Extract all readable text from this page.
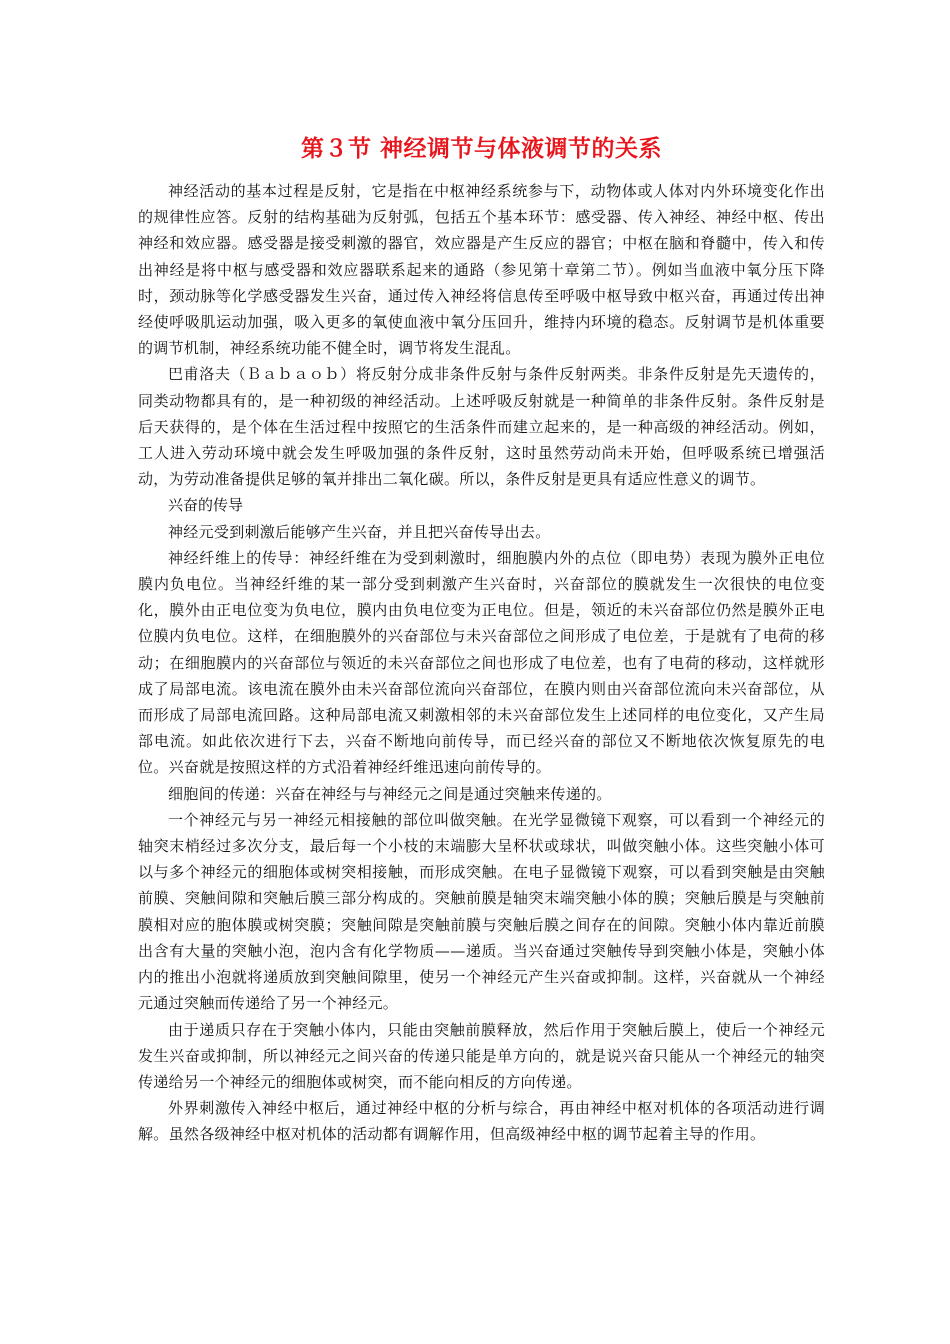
第３节 神经调节与体液调节的关系

神经活动的基本过程是反射，它是指在中枢神经系统参与下，动物体或人体对内外环境变化作出的规律性应答。反射的结构基础为反射弧，包括五个基本环节：感受器、传入神经、神经中枢、传出神经和效应器。感受器是接受刺激的器官，效应器是产生反应的器官；中枢在脑和脊髓中，传入和传出神经是将中枢与感受器和效应器联系起来的通路（参见第十章第二节）。例如当血液中氧分压下降时，颈动脉等化学感受器发生兴奋，通过传入神经将信息传至呼吸中枢导致中枢兴奋，再通过传出神经使呼吸肌运动加强，吸入更多的氧使血液中氧分压回升，维持内环境的稳态。反射调节是机体重要的调节机制，神经系统功能不健全时，调节将发生混乱。

巴甫洛夫（Ｂａｂａｏｂ）将反射分成非条件反射与条件反射两类。非条件反射是先天遗传的，同类动物都具有的，是一种初级的神经活动。上述呼吸反射就是一种简单的非条件反射。条件反射是后天获得的，是个体在生活过程中按照它的生活条件而建立起来的，是一种高级的神经活动。例如，工人进入劳动环境中就会发生呼吸加强的条件反射，这时虽然劳动尚未开始，但呼吸系统已增强活动，为劳动准备提供足够的氧并排出二氧化碳。所以，条件反射是更具有适应性意义的调节。

兴奋的传导

神经元受到刺激后能够产生兴奋，并且把兴奋传导出去。

神经纤维上的传导：神经纤维在为受到刺激时，细胞膜内外的点位（即电势）表现为膜外正电位膜内负电位。当神经纤维的某一部分受到刺激产生兴奋时，兴奋部位的膜就发生一次很快的电位变化，膜外由正电位变为负电位，膜内由负电位变为正电位。但是，领近的未兴奋部位仍然是膜外正电位膜内负电位。这样，在细胞膜外的兴奋部位与未兴奋部位之间形成了电位差，于是就有了电荷的移动；在细胞膜内的兴奋部位与领近的未兴奋部位之间也形成了电位差，也有了电荷的移动，这样就形成了局部电流。该电流在膜外由未兴奋部位流向兴奋部位，在膜内则由兴奋部位流向未兴奋部位，从而形成了局部电流回路。这种局部电流又刺激相邻的未兴奋部位发生上述同样的电位变化，又产生局部电流。如此依次进行下去，兴奋不断地向前传导，而已经兴奋的部位又不断地依次恢复原先的电位。兴奋就是按照这样的方式沿着神经纤维迅速向前传导的。

细胞间的传递：兴奋在神经与与神经元之间是通过突触来传递的。

一个神经元与另一神经元相接触的部位叫做突触。在光学显微镜下观察，可以看到一个神经元的轴突末梢经过多次分支，最后每一个小枝的末端膨大呈杯状或球状，叫做突触小体。这些突触小体可以与多个神经元的细胞体或树突相接触，而形成突触。在电子显微镜下观察，可以看到突触是由突触前膜、突触间隙和突触后膜三部分构成的。突触前膜是轴突末端突触小体的膜；突触后膜是与突触前膜相对应的胞体膜或树突膜；突触间隙是突触前膜与突触后膜之间存在的间隙。突触小体内靠近前膜出含有大量的突触小泡，泡内含有化学物质——递质。当兴奋通过突触传导到突触小体是，突触小体内的推出小泡就将递质放到突触间隙里，使另一个神经元产生兴奋或抑制。这样，兴奋就从一个神经元通过突触而传递给了另一个神经元。

由于递质只存在于突触小体内，只能由突触前膜释放，然后作用于突触后膜上，使后一个神经元发生兴奋或抑制，所以神经元之间兴奋的传递只能是单方向的，就是说兴奋只能从一个神经元的轴突传递给另一个神经元的细胞体或树突，而不能向相反的方向传递。

外界刺激传入神经中枢后，通过神经中枢的分析与综合，再由神经中枢对机体的各项活动进行调解。虽然各级神经中枢对机体的活动都有调解作用，但高级神经中枢的调节起着主导的作用。
